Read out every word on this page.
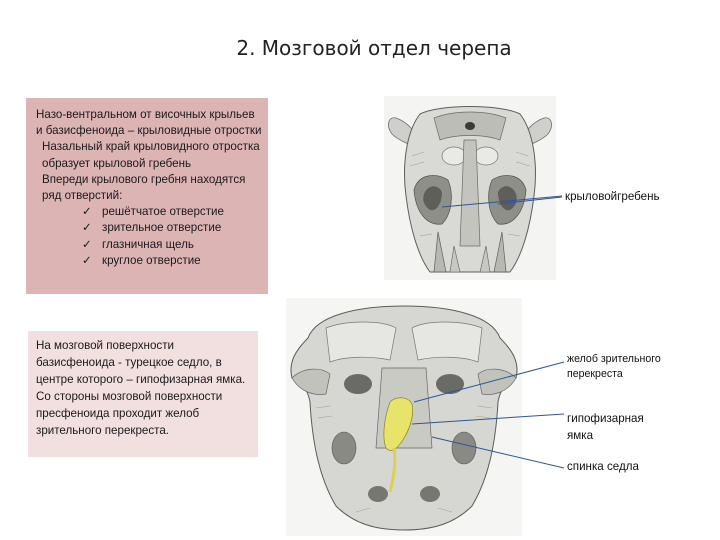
2. Мозговой отдел черепа

Назо-вентральном от височных крыльев и базисфеноида – крыловидные отростки

Назальный край крыловидного отростка образует крыловой гребень

Впереди крылового гребня находятся ряд отверстий:

✓ решётчатое отверстие
✓ зрительное отверстие
✓ глазничная щель
✓ круглое отверстие
На мозговой поверхности базисфеноида - турецкое седло, в центре которого – гипофизарная ямка. Со стороны мозговой поверхности пресфеноида проходит желоб зрительного перекреста.
крыловойгребень
желоб зрительного перекреста
гипофизарная ямка
спинка седла
